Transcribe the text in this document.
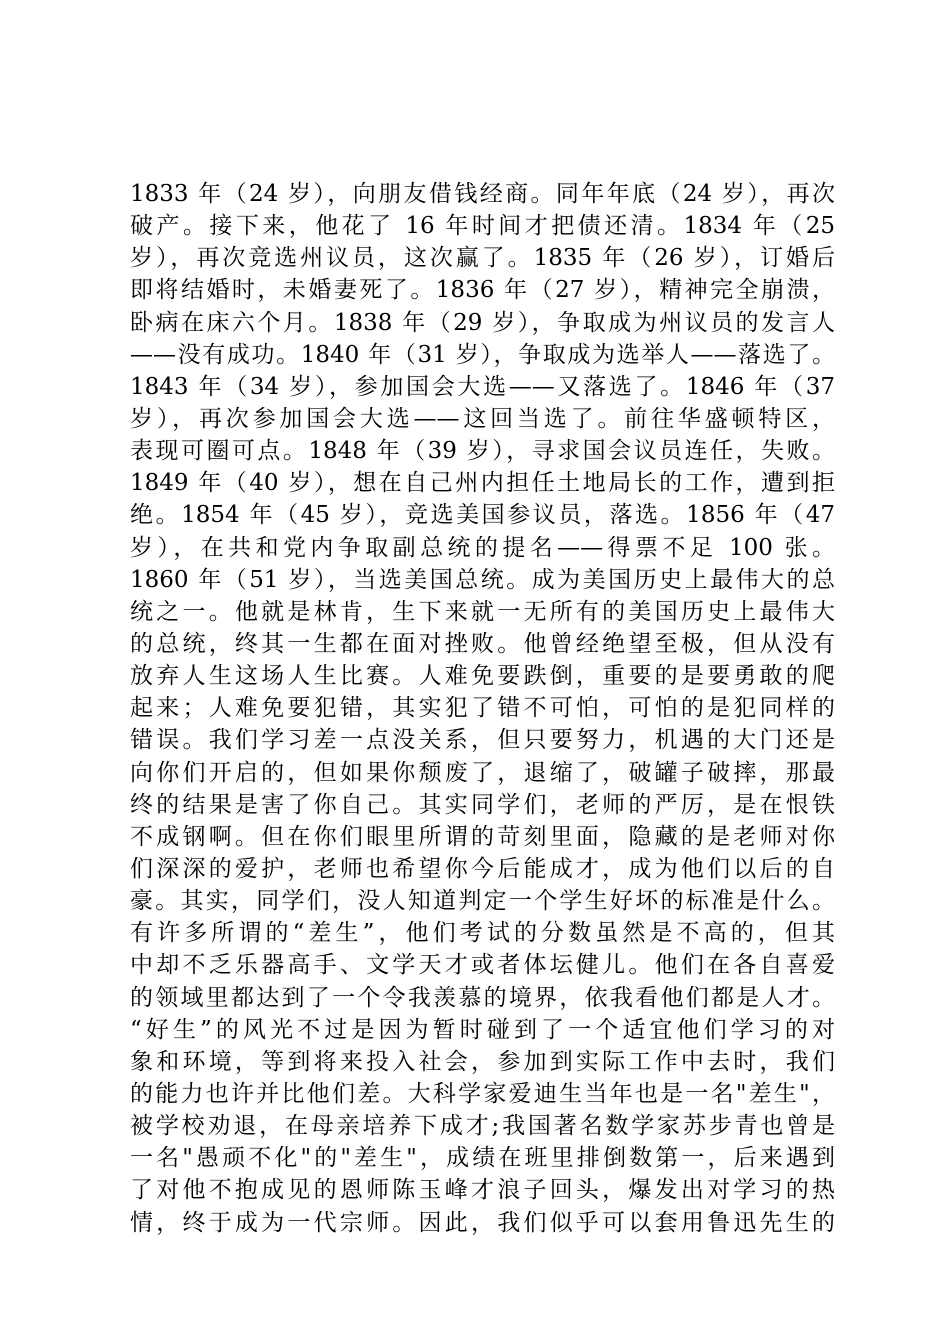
1833 年（24 岁），向朋友借钱经商。同年年底（24 岁），再次
破产。接下来，他花了 16 年时间才把债还清。1834 年（25
岁），再次竞选州议员，这次赢了。1835 年（26 岁），订婚后
即将结婚时，未婚妻死了。1836 年（27 岁），精神完全崩溃，
卧病在床六个月。1838 年（29 岁），争取成为州议员的发言人
——没有成功。1840 年（31 岁），争取成为选举人——落选了。
1843 年（34 岁），参加国会大选——又落选了。1846 年（37
岁），再次参加国会大选——这回当选了。前往华盛顿特区，
表现可圈可点。1848 年（39 岁），寻求国会议员连任，失败。
1849 年（40 岁），想在自己州内担任土地局长的工作，遭到拒
绝。1854 年（45 岁），竞选美国参议员，落选。1856 年（47
岁），在共和党内争取副总统的提名——得票不足 100 张。
1860 年（51 岁），当选美国总统。成为美国历史上最伟大的总
统之一。他就是林肯，生下来就一无所有的美国历史上最伟大
的总统，终其一生都在面对挫败。他曾经绝望至极，但从没有
放弃人生这场人生比赛。人难免要跌倒，重要的是要勇敢的爬
起来；人难免要犯错，其实犯了错不可怕，可怕的是犯同样的
错误。我们学习差一点没关系，但只要努力，机遇的大门还是
向你们开启的，但如果你颓废了，退缩了，破罐子破摔，那最
终的结果是害了你自己。其实同学们，老师的严厉，是在恨铁
不成钢啊。但在你们眼里所谓的苛刻里面，隐藏的是老师对你
们深深的爱护，老师也希望你今后能成才，成为他们以后的自
豪。其实，同学们，没人知道判定一个学生好坏的标准是什么。
有许多所谓的“差生”，他们考试的分数虽然是不高的，但其
中却不乏乐器高手、文学天才或者体坛健儿。他们在各自喜爱
的领域里都达到了一个令我羡慕的境界，依我看他们都是人才。
“好生”的风光不过是因为暂时碰到了一个适宜他们学习的对
象和环境，等到将来投入社会，参加到实际工作中去时，我们
的能力也许并比他们差。大科学家爱迪生当年也是一名"差生"，
被学校劝退，在母亲培养下成才;我国著名数学家苏步青也曾是
一名"愚顽不化"的"差生"，成绩在班里排倒数第一，后来遇到
了对他不抱成见的恩师陈玉峰才浪子回头，爆发出对学习的热
情，终于成为一代宗师。因此，我们似乎可以套用鲁迅先生的
